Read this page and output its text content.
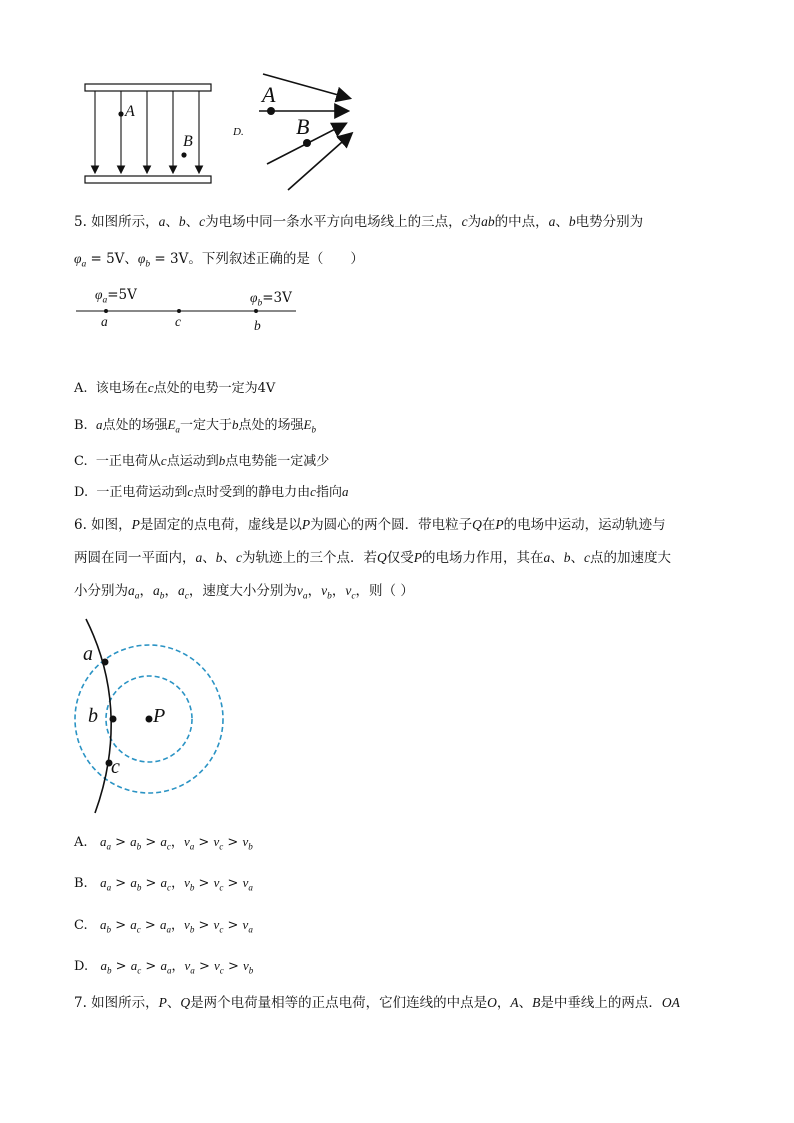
A
B
D.
A
B
5. 如图所示，a、b、c为电场中同一条水平方向电场线上的三点，c为ab的中点，a、b电势分别为
$\varphi_a = 5V$、$\varphi_b = 3V$。下列叙述正确的是（　　）
$\varphi_a=5V$	$\varphi_b=3V$
a	c	b
A. 该电场在c点处的电势一定为4V
B. a点处的场强$E_a$一定大于b点处的场强$E_b$
C. 一正电荷从c点运动到b点电势能一定减少
D. 一正电荷运动到c点时受到的静电力由c指向a
6. 如图，P是固定的点电荷，虚线是以P为圆心的两个圆．带电粒子Q在P的电场中运动，运动轨迹与
两圆在同一平面内，a、b、c为轨迹上的三个点．若Q仅受P的电场力作用，其在a、b、c点的加速度大
小分别为$a_a$，$a_b$，$a_c$，速度大小分别为$v_a$，$v_b$，$v_c$，则（ ）
a
b
c
P
A. $a_a > a_b > a_c$，$v_a > v_c > v_b$
B. $a_a > a_b > a_c$，$v_b > v_c > v_a$
C. $a_b > a_c > a_a$，$v_b > v_c > v_a$
D. $a_b > a_c > a_a$，$v_a > v_c > v_b$
7. 如图所示，P、Q是两个电荷量相等的正点电荷，它们连线的中点是O，A、B是中垂线上的两点．OA
